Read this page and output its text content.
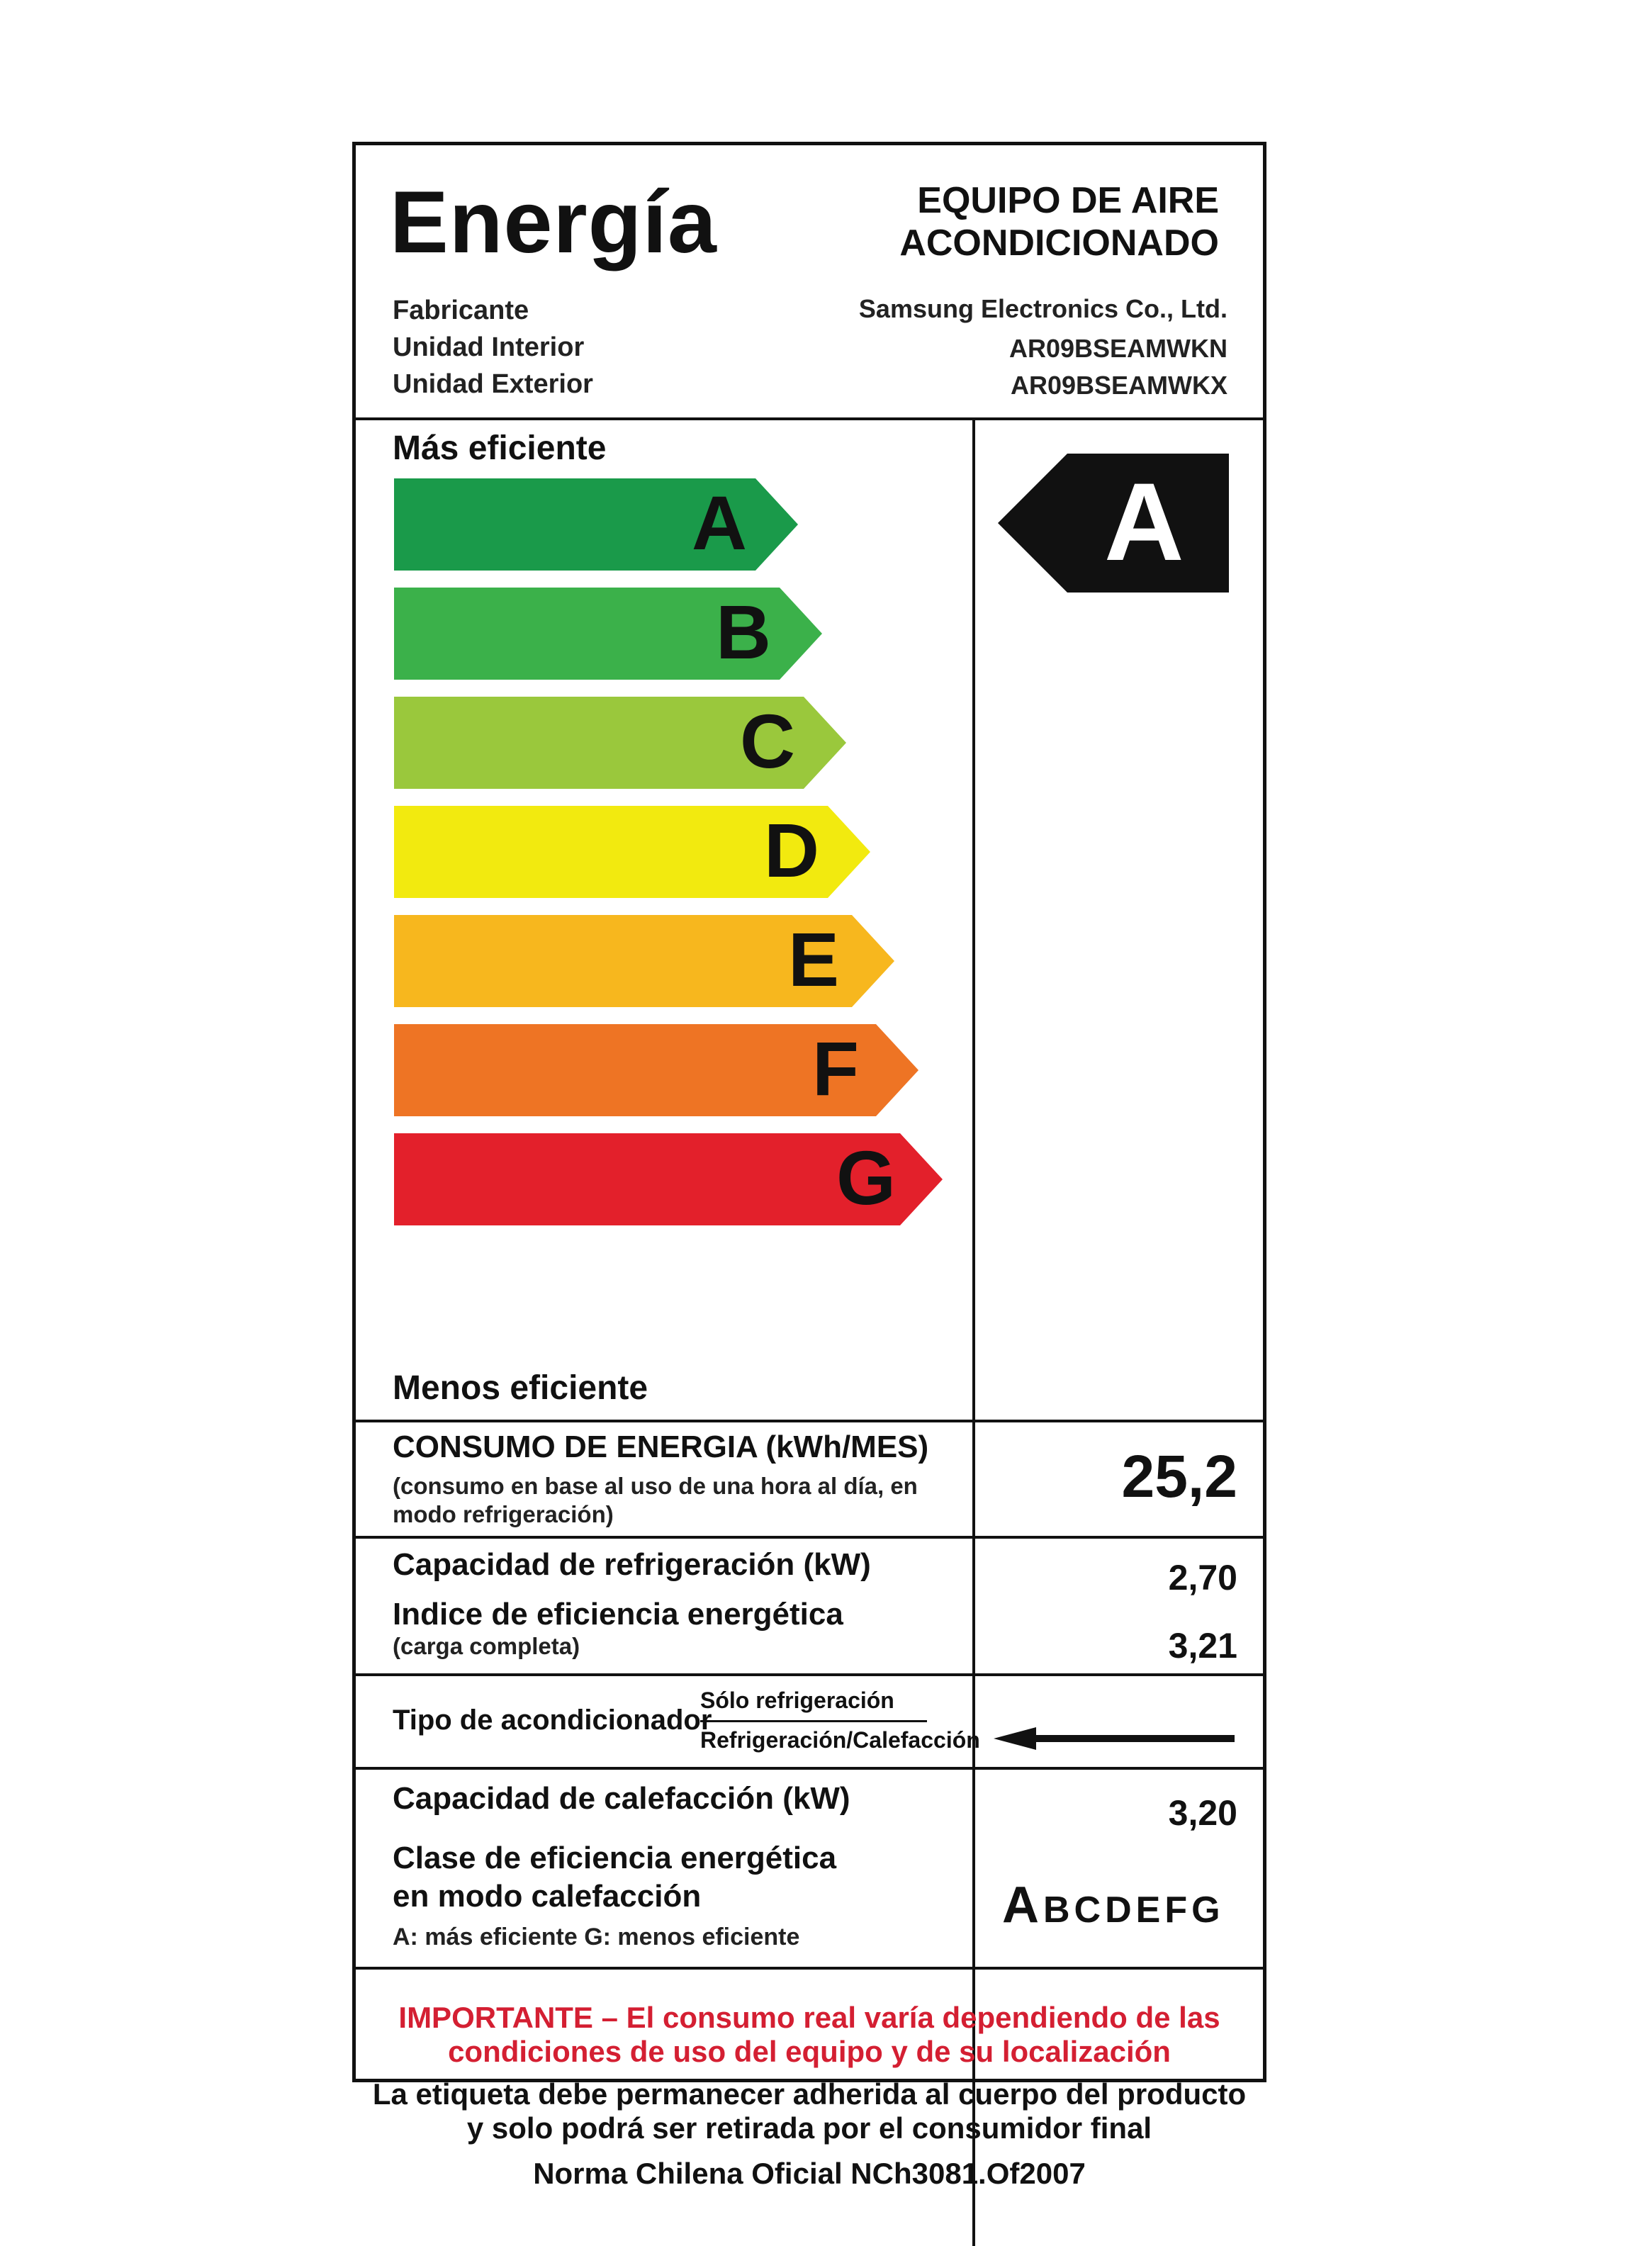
Energía	EQUIPO DE AIRE
ACONDICIONADO
Fabricante	Samsung Electronics Co., Ltd.
Unidad Interior	AR09BSEAMWKN
Unidad Exterior	AR09BSEAMWKX
Más eficiente
A
B
C
D
E
F
G
Menos eficiente
A
CONSUMO DE ENERGIA (kWh/MES)
(consumo en base al uso de una hora al día, en modo refrigeración)
25,2
Capacidad de refrigeración (kW)	2,70
Indice de eficiencia energética
(carga completa)	3,21
Tipo de acondicionador
Sólo refrigeración
Refrigeración/Calefacción
Capacidad de calefacción (kW)	3,20
Clase de eficiencia energética
en modo calefacción
A: más eficiente G: menos eficiente
ABCDEFG
IMPORTANTE – El consumo real varía dependiendo de las
condiciones de uso del equipo y de su localización
La etiqueta debe permanecer adherida al cuerpo del producto
y solo podrá ser retirada por el consumidor final
Norma Chilena Oficial NCh3081.Of2007
